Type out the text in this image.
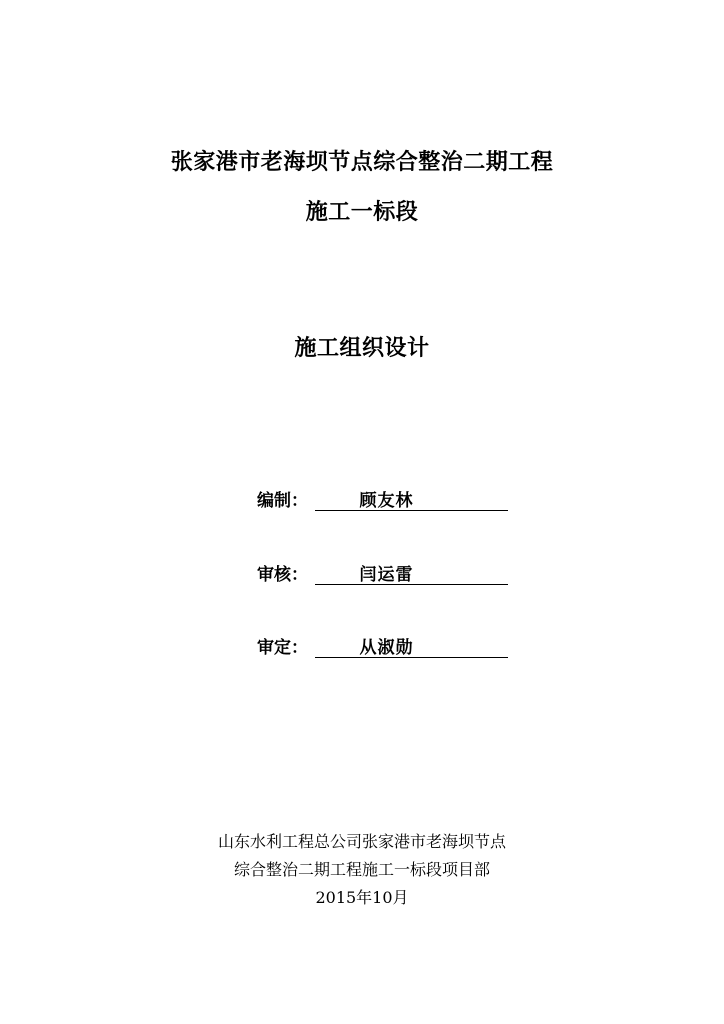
张家港市老海坝节点综合整治二期工程
施工一标段
施工组织设计
编制：	顾友林
审核：	闫运雷
审定：	从淑勋
山东水利工程总公司张家港市老海坝节点
综合整治二期工程施工一标段项目部
2015年10月
